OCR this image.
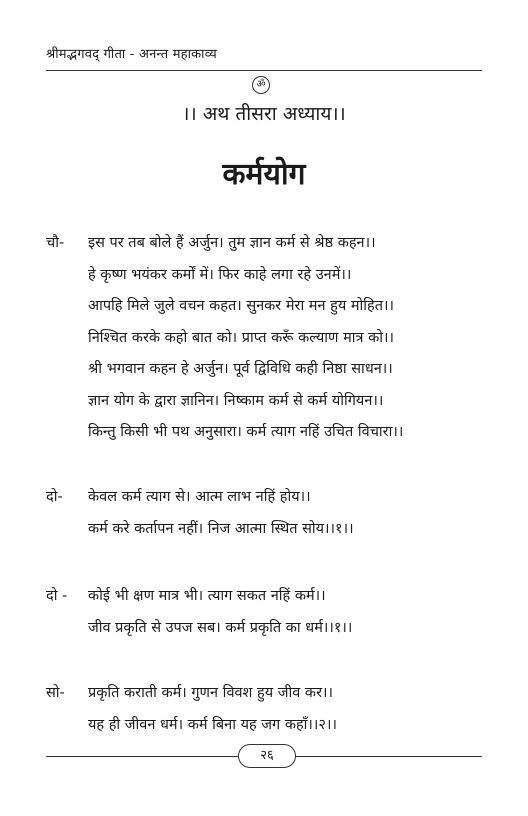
श्रीमद्भगवद् गीता - अनन्त महाकाव्य
ॐ
।। अथ तीसरा अध्याय।।
कर्मयोग
चौ- इस पर तब बोले हैं अर्जुन। तुम ज्ञान कर्म से श्रेष्ठ कहन।।
हे कृष्ण भयंकर कर्मों में। फिर काहे लगा रहे उनमें।।
आपहि मिले जुले वचन कहत। सुनकर मेरा मन हुय मोहित।।
निश्चित करके कहो बात को। प्राप्त करूँ कल्याण मात्र को।।
श्री भगवान कहन हे अर्जुन। पूर्व द्विविधि कही निष्ठा साधन।।
ज्ञान योग के द्वारा ज्ञानिन। निष्काम कर्म से कर्म योगियन।।
किन्तु किसी भी पथ अनुसारा। कर्म त्याग नहिं उचित विचारा।।
दो- केवल कर्म त्याग से। आत्म लाभ नहिं होय।।
कर्म करे कर्तापन नहीं। निज आत्मा स्थित सोय।।१।।
दो - कोई भी क्षण मात्र भी। त्याग सकत नहिं कर्म।।
जीव प्रकृति से उपज सब। कर्म प्रकृति का धर्म।।१।।
सो- प्रकृति कराती कर्म। गुणन विवश हुय जीव कर।।
यह ही जीवन धर्म। कर्म बिना यह जग कहाँ।।२।।
२६
